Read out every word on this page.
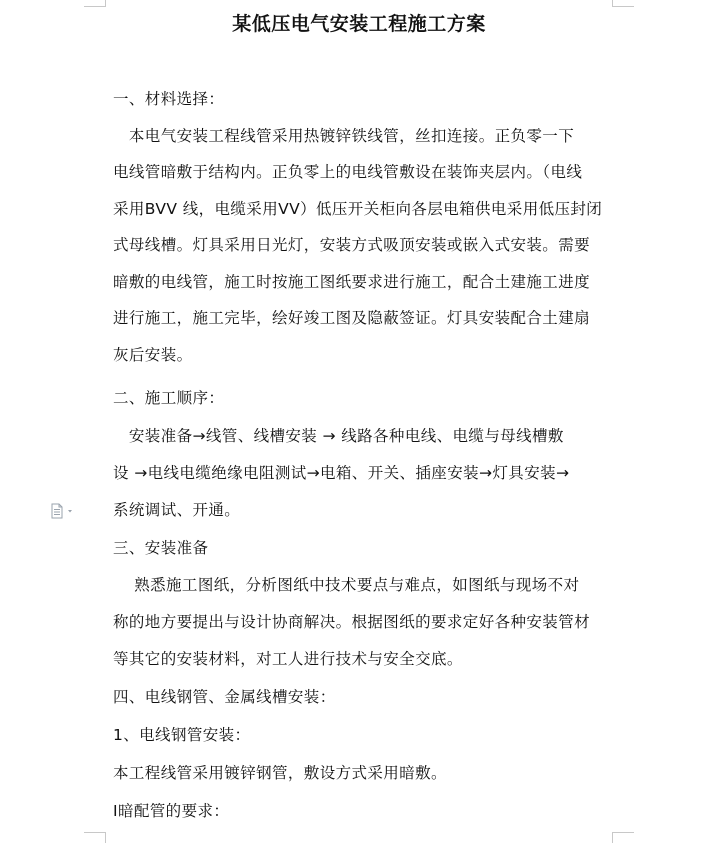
某低压电气安装工程施工方案
一、材料选择：
　本电气安装工程线管采用热镀锌铁线管，丝扣连接。正负零一下
电线管暗敷于结构内。正负零上的电线管敷设在装饰夹层内。（电线
采用BVV 线，电缆采用VV）低压开关柜向各层电箱供电采用低压封闭
式母线槽。灯具采用日光灯，安装方式吸顶安装或嵌入式安装。需要
暗敷的电线管，施工时按施工图纸要求进行施工，配合土建施工进度
进行施工，施工完毕，绘好竣工图及隐蔽签证。灯具安装配合土建扇
灰后安装。
二、施工顺序：
　安装准备→线管、线槽安装 → 线路各种电线、电缆与母线槽敷
设 →电线电缆绝缘电阻测试→电箱、开关、插座安装→灯具安装→
系统调试、开通。
三、安装准备
　 熟悉施工图纸，分析图纸中技术要点与难点，如图纸与现场不对
称的地方要提出与设计协商解决。根据图纸的要求定好各种安装管材
等其它的安装材料，对工人进行技术与安全交底。
四、电线钢管、金属线槽安装：
1、电线钢管安装：
本工程线管采用镀锌钢管，敷设方式采用暗敷。
Ⅰ暗配管的要求：
